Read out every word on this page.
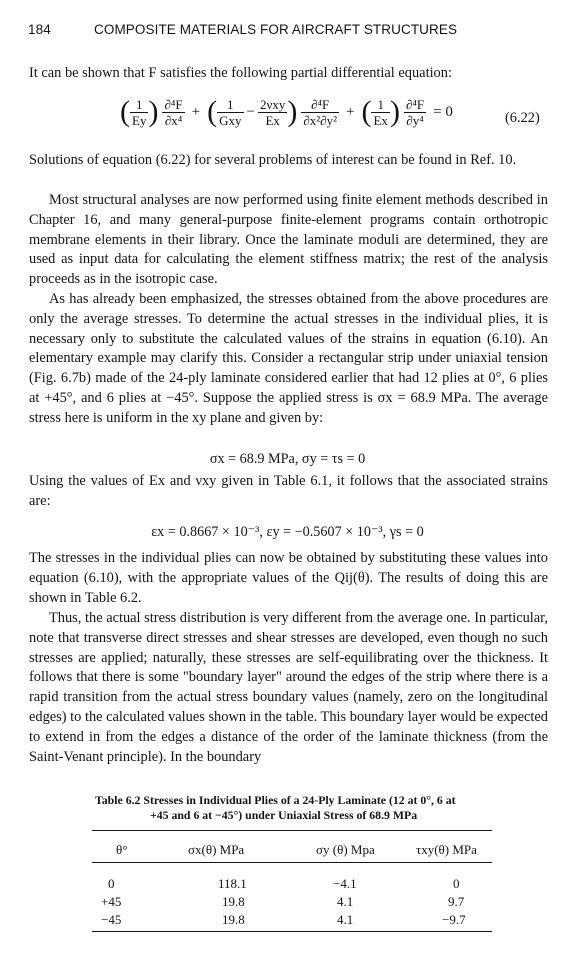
184	COMPOSITE MATERIALS FOR AIRCRAFT STRUCTURES

It can be shown that F satisfies the following partial differential equation:

( $\frac{1}{Ey}$ ) $\frac{\text{∂⁴F}}{\text{∂x⁴}}$ + ( $\frac{1}{\text{Gxy}} - \frac{\text{2νxy}}{Ex}$ ) $\frac{\text{∂⁴F}}{\text{∂x²∂y²}}$ + ( $\frac{1}{Ex}$ ) $\frac{\text{∂⁴F}}{\text{∂y⁴}} = 0$	(6.22)

Solutions of equation (6.22) for several problems of interest can be found in Ref. 10.

Most structural analyses are now performed using finite element methods described in Chapter 16, and many general-purpose finite-element programs contain orthotropic membrane elements in their library. Once the laminate moduli are determined, they are used as input data for calculating the element stiffness matrix; the rest of the analysis proceeds as in the isotropic case.

As has already been emphasized, the stresses obtained from the above procedures are only the average stresses. To determine the actual stresses in the individual plies, it is necessary only to substitute the calculated values of the strains in equation (6.10). An elementary example may clarify this. Consider a rectangular strip under uniaxial tension (Fig. 6.7b) made of the 24-ply laminate considered earlier that had 12 plies at 0°, 6 plies at +45°, and 6 plies at −45°. Suppose the applied stress is σx = 68.9 MPa. The average stress here is uniform in the xy plane and given by:

σx = 68.9 MPa, σy = τs = 0

Using the values of Ex and νxy given in Table 6.1, it follows that the associated strains are:

εx = 0.8667 × 10⁻³, εy = −0.5607 × 10⁻³, γs = 0

The stresses in the individual plies can now be obtained by substituting these values into equation (6.10), with the appropriate values of the Qij(θ). The results of doing this are shown in Table 6.2.

Thus, the actual stress distribution is very different from the average one. In particular, note that transverse direct stresses and shear stresses are developed, even though no such stresses are applied; naturally, these stresses are self-equilibrating over the thickness. It follows that there is some "boundary layer" around the edges of the strip where there is a rapid transition from the actual stress boundary values (namely, zero on the longitudinal edges) to the calculated values shown in the table. This boundary layer would be expected to extend in from the edges a distance of the order of the laminate thickness (from the Saint-Venant principle). In the boundary

Table 6.2 Stresses in Individual Plies of a 24-Ply Laminate (12 at 0°, 6 at
+45 and 6 at −45°) under Uniaxial Stress of 68.9 MPa
θ°	σx(θ) MPa	σy (θ) Mpa	τxy(θ) MPa
0	118.1	−4.1	0
+45	19.8	4.1	9.7
−45	19.8	4.1	−9.7
